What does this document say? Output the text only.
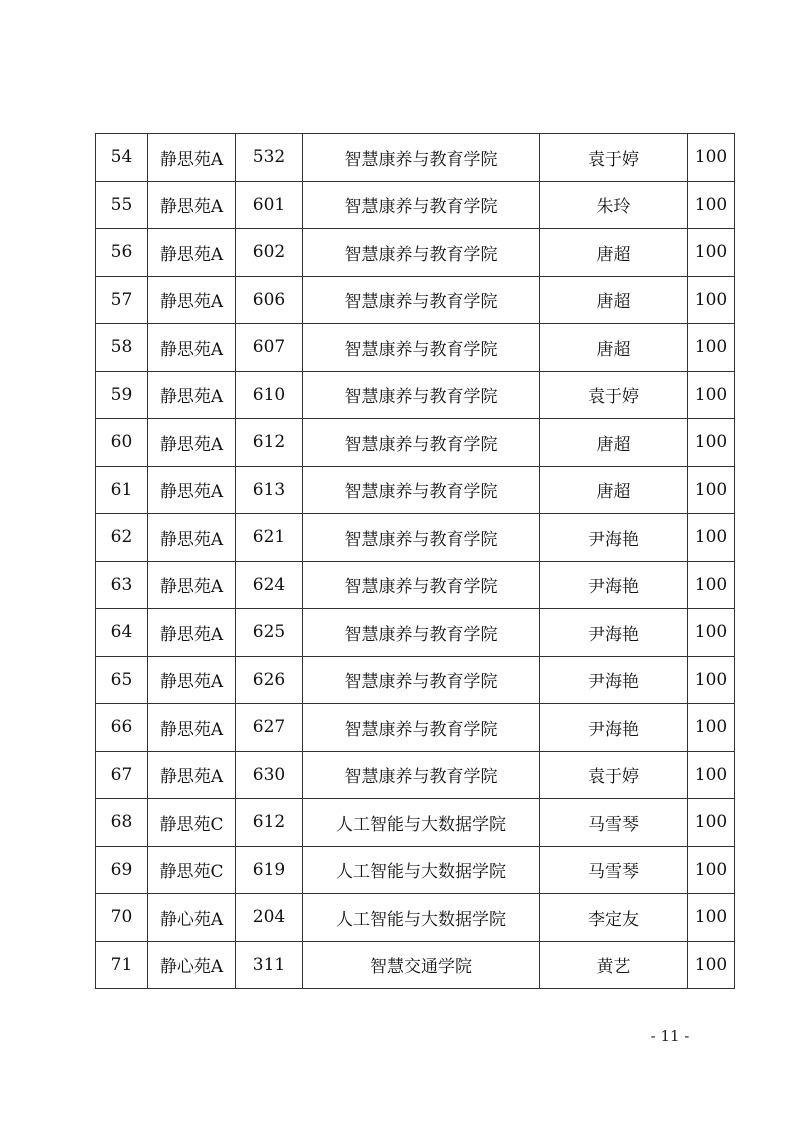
54	静思苑A	532	智慧康养与教育学院	袁于婷	100
55	静思苑A	601	智慧康养与教育学院	朱玲	100
56	静思苑A	602	智慧康养与教育学院	唐超	100
57	静思苑A	606	智慧康养与教育学院	唐超	100
58	静思苑A	607	智慧康养与教育学院	唐超	100
59	静思苑A	610	智慧康养与教育学院	袁于婷	100
60	静思苑A	612	智慧康养与教育学院	唐超	100
61	静思苑A	613	智慧康养与教育学院	唐超	100
62	静思苑A	621	智慧康养与教育学院	尹海艳	100
63	静思苑A	624	智慧康养与教育学院	尹海艳	100
64	静思苑A	625	智慧康养与教育学院	尹海艳	100
65	静思苑A	626	智慧康养与教育学院	尹海艳	100
66	静思苑A	627	智慧康养与教育学院	尹海艳	100
67	静思苑A	630	智慧康养与教育学院	袁于婷	100
68	静思苑C	612	人工智能与大数据学院	马雪琴	100
69	静思苑C	619	人工智能与大数据学院	马雪琴	100
70	静心苑A	204	人工智能与大数据学院	李定友	100
71	静心苑A	311	智慧交通学院	黄艺	100
- 11 -
